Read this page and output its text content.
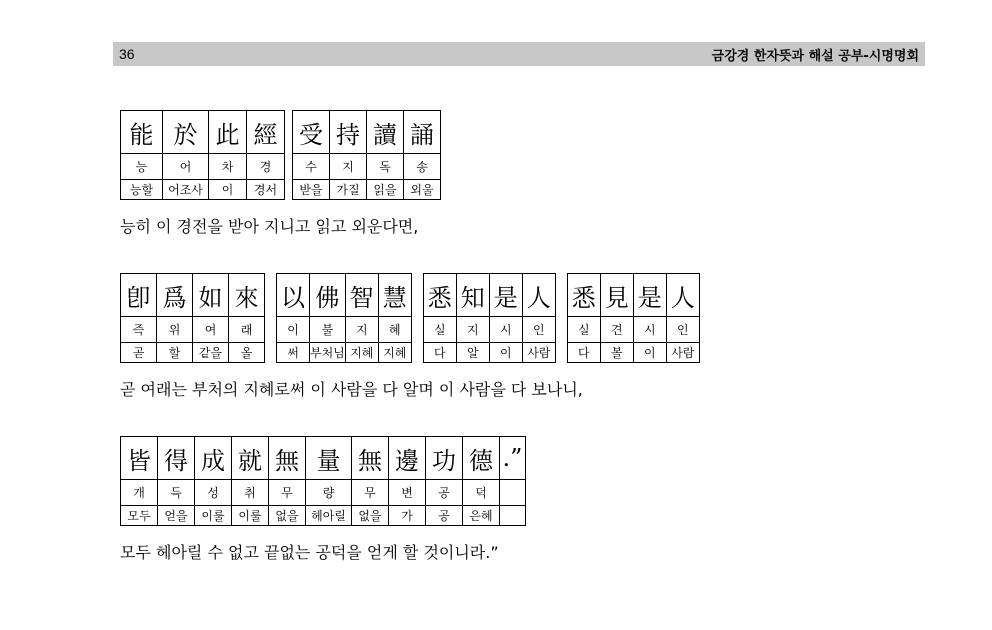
36	금강경 한자뜻과 해설 공부-시명명회
能	於	此	經		受	持	讀	誦
능	어	차	경		수	지	독	송
능할	어조사	이	경서		받을	가질	읽을	외울
능히 이 경전을 받아 지니고 읽고 외운다면,
卽	爲	如	來		以	佛	智	慧		悉	知	是	人		悉	見	是	人
즉	위	여	래		이	불	지	혜		실	지	시	인		실	견	시	인
곧	할	같을	올		써	부처님	지혜	지혜		다	알	이	사람		다	볼	이	사람
곧 여래는 부처의 지혜로써 이 사람을 다 알며 이 사람을 다 보나니,
皆	得	成	就	無	量	無	邊	功	德	.”
개	득	성	취	무	량	무	변	공	덕	
모두	얻을	이룰	이룰	없을	헤아릴	없을	가	공	은혜	
모두 헤아릴 수 없고 끝없는 공덕을 얻게 할 것이니라.”
